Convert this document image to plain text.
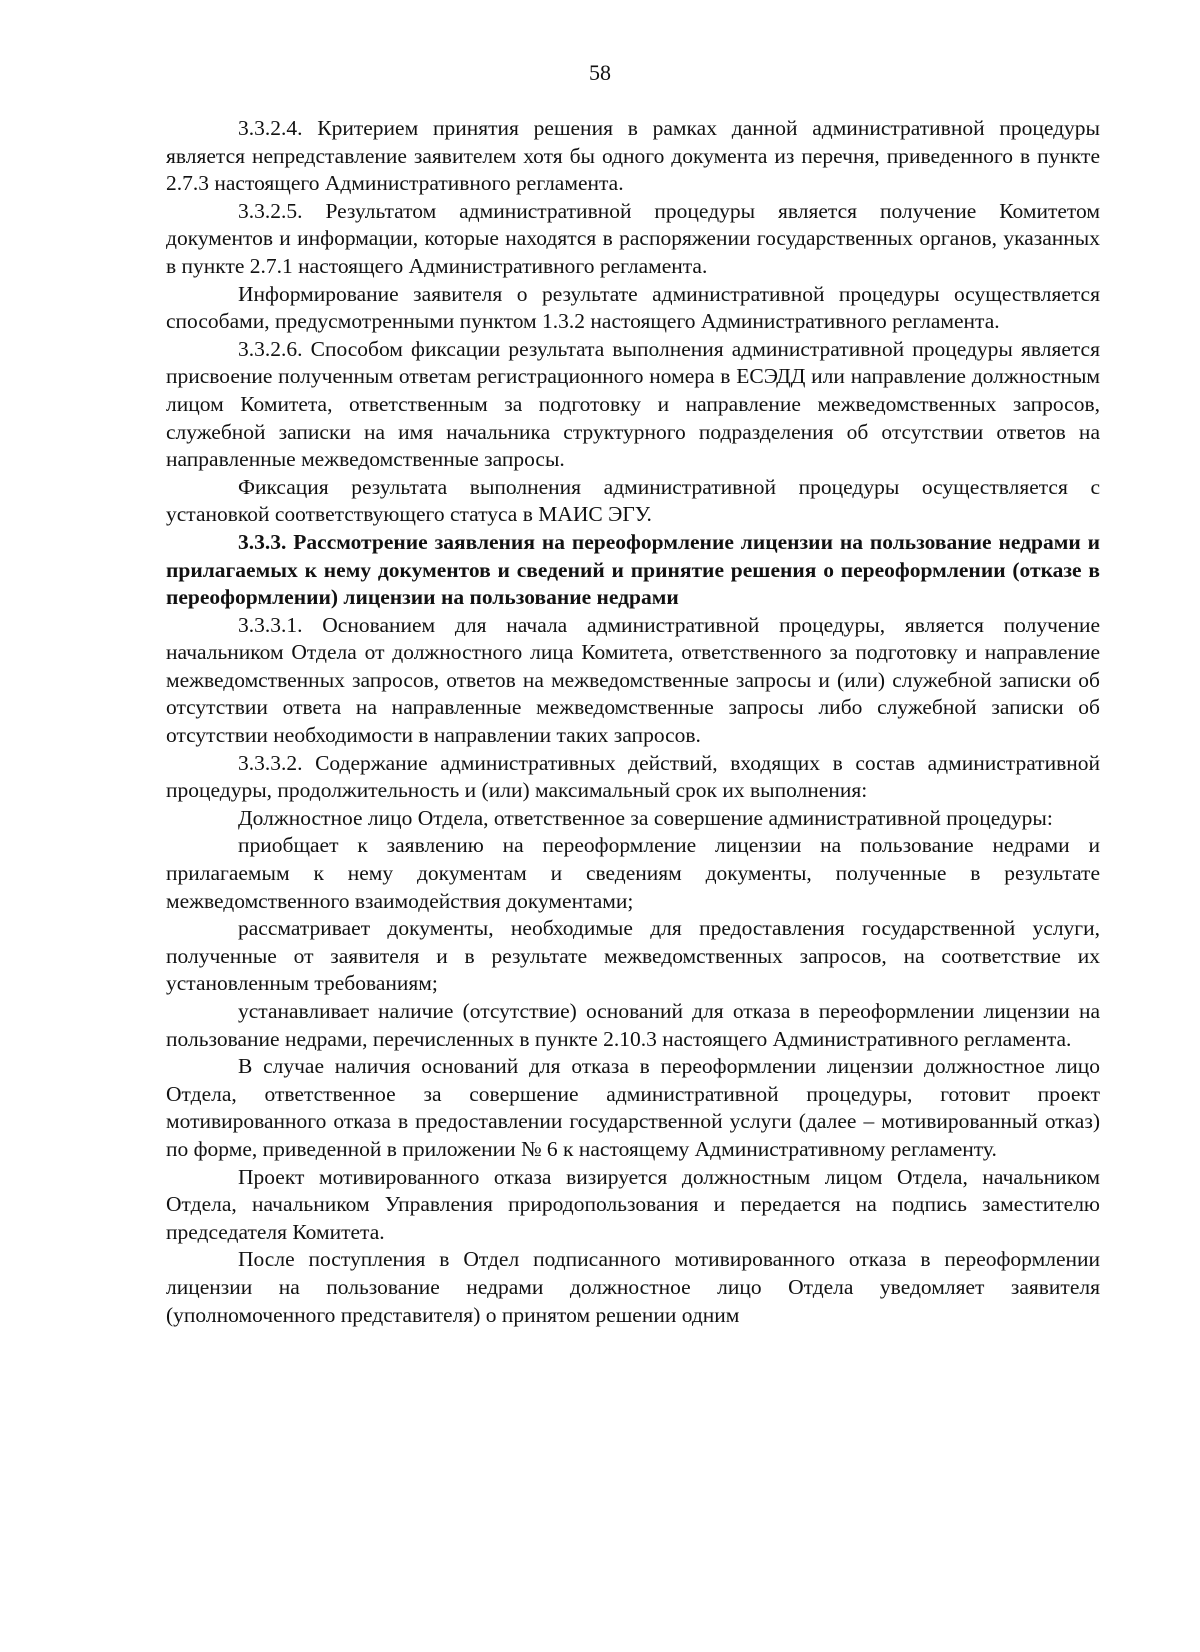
58

3.3.2.4. Критерием принятия решения в рамках данной административной процедуры является непредставление заявителем хотя бы одного документа из перечня, приведенного в пункте 2.7.3 настоящего Административного регламента.

3.3.2.5. Результатом административной процедуры является получение Комитетом документов и информации, которые находятся в распоряжении государственных органов, указанных в пункте 2.7.1 настоящего Административного регламента.

Информирование заявителя о результате административной процедуры осуществляется способами, предусмотренными пунктом 1.3.2 настоящего Административного регламента.

3.3.2.6. Способом фиксации результата выполнения административной процедуры является присвоение полученным ответам регистрационного номера в ЕСЭДД или направление должностным лицом Комитета, ответственным за подготовку и направление межведомственных запросов, служебной записки на имя начальника структурного подразделения об отсутствии ответов на направленные межведомственные запросы.

Фиксация результата выполнения административной процедуры осуществляется с установкой соответствующего статуса в МАИС ЭГУ.

3.3.3. Рассмотрение заявления на переоформление лицензии на пользование недрами и прилагаемых к нему документов и сведений и принятие решения о переоформлении (отказе в переоформлении) лицензии на пользование недрами

3.3.3.1. Основанием для начала административной процедуры, является получение начальником Отдела от должностного лица Комитета, ответственного за подготовку и направление межведомственных запросов, ответов на межведомственные запросы и (или) служебной записки об отсутствии ответа на направленные межведомственные запросы либо служебной записки об отсутствии необходимости в направлении таких запросов.

3.3.3.2. Содержание административных действий, входящих в состав административной процедуры, продолжительность и (или) максимальный срок их выполнения:

Должностное лицо Отдела, ответственное за совершение административной процедуры:

приобщает к заявлению на переоформление лицензии на пользование недрами и прилагаемым к нему документам и сведениям документы, полученные в результате межведомственного взаимодействия документами;

рассматривает документы, необходимые для предоставления государственной услуги, полученные от заявителя и в результате межведомственных запросов, на соответствие их установленным требованиям;

устанавливает наличие (отсутствие) оснований для отказа в переоформлении лицензии на пользование недрами, перечисленных в пункте 2.10.3 настоящего Административного регламента.

В случае наличия оснований для отказа в переоформлении лицензии должностное лицо Отдела, ответственное за совершение административной процедуры, готовит проект мотивированного отказа в предоставлении государственной услуги (далее – мотивированный отказ) по форме, приведенной в приложении № 6 к настоящему Административному регламенту.

Проект мотивированного отказа визируется должностным лицом Отдела, начальником Отдела, начальником Управления природопользования и передается на подпись заместителю председателя Комитета.

После поступления в Отдел подписанного мотивированного отказа в переоформлении лицензии на пользование недрами должностное лицо Отдела уведомляет заявителя (уполномоченного представителя) о принятом решении одним
